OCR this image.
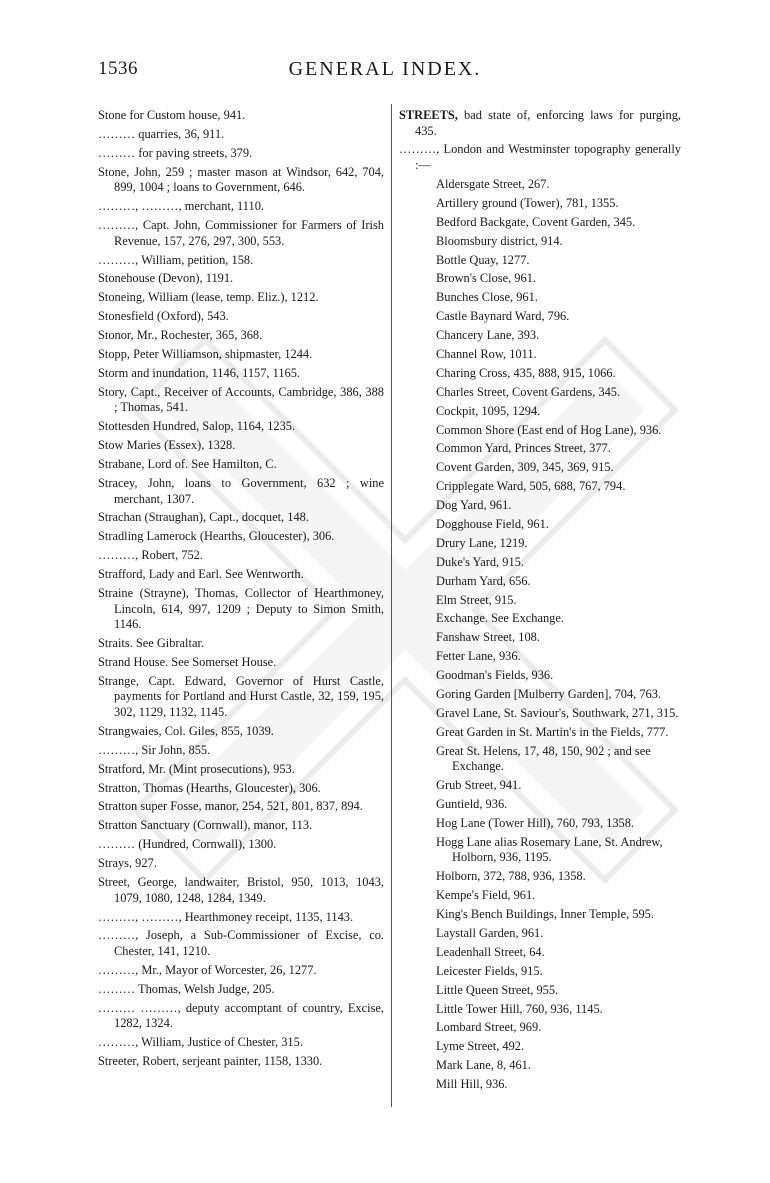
GENERAL INDEX.
1536

Stone for Custom house, 941.

……… quarries, 36, 911.

……… for paving streets, 379.

Stone, John, 259 ; master mason at Windsor, 642, 704, 899, 1004 ; loans to Government, 646.

………, ………, merchant, 1110.

………, Capt. John, Commissioner for Farmers of Irish Revenue, 157, 276, 297, 300, 553.

………, William, petition, 158.

Stonehouse (Devon), 1191.

Stoneing, William (lease, temp. Eliz.), 1212.

Stonesfield (Oxford), 543.

Stonor, Mr., Rochester, 365, 368.

Stopp, Peter Williamson, shipmaster, 1244.

Storm and inundation, 1146, 1157, 1165.

Story, Capt., Receiver of Accounts, Cambridge, 386, 388 ; Thomas, 541.

Stottesden Hundred, Salop, 1164, 1235.

Stow Maries (Essex), 1328.

Strabane, Lord of. See Hamilton, C.

Stracey, John, loans to Government, 632 ; wine merchant, 1307.

Strachan (Straughan), Capt., docquet, 148.

Stradling Lamerock (Hearths, Gloucester), 306.

………, Robert, 752.

Strafford, Lady and Earl. See Wentworth.

Straine (Strayne), Thomas, Collector of Hearthmoney, Lincoln, 614, 997, 1209 ; Deputy to Simon Smith, 1146.

Straits. See Gibraltar.

Strand House. See Somerset House.

Strange, Capt. Edward, Governor of Hurst Castle, payments for Portland and Hurst Castle, 32, 159, 195, 302, 1129, 1132, 1145.

Strangwaies, Col. Giles, 855, 1039.

………, Sir John, 855.

Stratford, Mr. (Mint prosecutions), 953.

Stratton, Thomas (Hearths, Gloucester), 306.

Stratton super Fosse, manor, 254, 521, 801, 837, 894.

Stratton Sanctuary (Cornwall), manor, 113.

……… (Hundred, Cornwall), 1300.

Strays, 927.

Street, George, landwaiter, Bristol, 950, 1013, 1043, 1079, 1080, 1248, 1284, 1349.

………, ………, Hearthmoney receipt, 1135, 1143.

………, Joseph, a Sub-Commissioner of Excise, co. Chester, 141, 1210.

………, Mr., Mayor of Worcester, 26, 1277.

……… Thomas, Welsh Judge, 205.

……… ………, deputy accomptant of country, Excise, 1282, 1324.

………, William, Justice of Chester, 315.

Streeter, Robert, serjeant painter, 1158, 1330.

STREETS, bad state of, enforcing laws for purging, 435.

………, London and Westminster topography generally :—

Aldersgate Street, 267.

Artillery ground (Tower), 781, 1355.

Bedford Backgate, Covent Garden, 345.

Bloomsbury district, 914.

Bottle Quay, 1277.

Brown's Close, 961.

Bunches Close, 961.

Castle Baynard Ward, 796.

Chancery Lane, 393.

Channel Row, 1011.

Charing Cross, 435, 888, 915, 1066.

Charles Street, Covent Gardens, 345.

Cockpit, 1095, 1294.

Common Shore (East end of Hog Lane), 936.

Common Yard, Princes Street, 377.

Covent Garden, 309, 345, 369, 915.

Cripplegate Ward, 505, 688, 767, 794.

Dog Yard, 961.

Dogghouse Field, 961.

Drury Lane, 1219.

Duke's Yard, 915.

Durham Yard, 656.

Elm Street, 915.

Exchange. See Exchange.

Fanshaw Street, 108.

Fetter Lane, 936.

Goodman's Fields, 936.

Goring Garden [Mulberry Garden], 704, 763.

Gravel Lane, St. Saviour's, Southwark, 271, 315.

Great Garden in St. Martin's in the Fields, 777.

Great St. Helens, 17, 48, 150, 902 ; and see Exchange.

Grub Street, 941.

Guntield, 936.

Hog Lane (Tower Hill), 760, 793, 1358.

Hogg Lane alias Rosemary Lane, St. Andrew, Holborn, 936, 1195.

Holborn, 372, 788, 936, 1358.

Kempe's Field, 961.

King's Bench Buildings, Inner Temple, 595.

Laystall Garden, 961.

Leadenhall Street, 64.

Leicester Fields, 915.

Little Queen Street, 955.

Little Tower Hill, 760, 936, 1145.

Lombard Street, 969.

Lyme Street, 492.

Mark Lane, 8, 461.

Mill Hill, 936.
